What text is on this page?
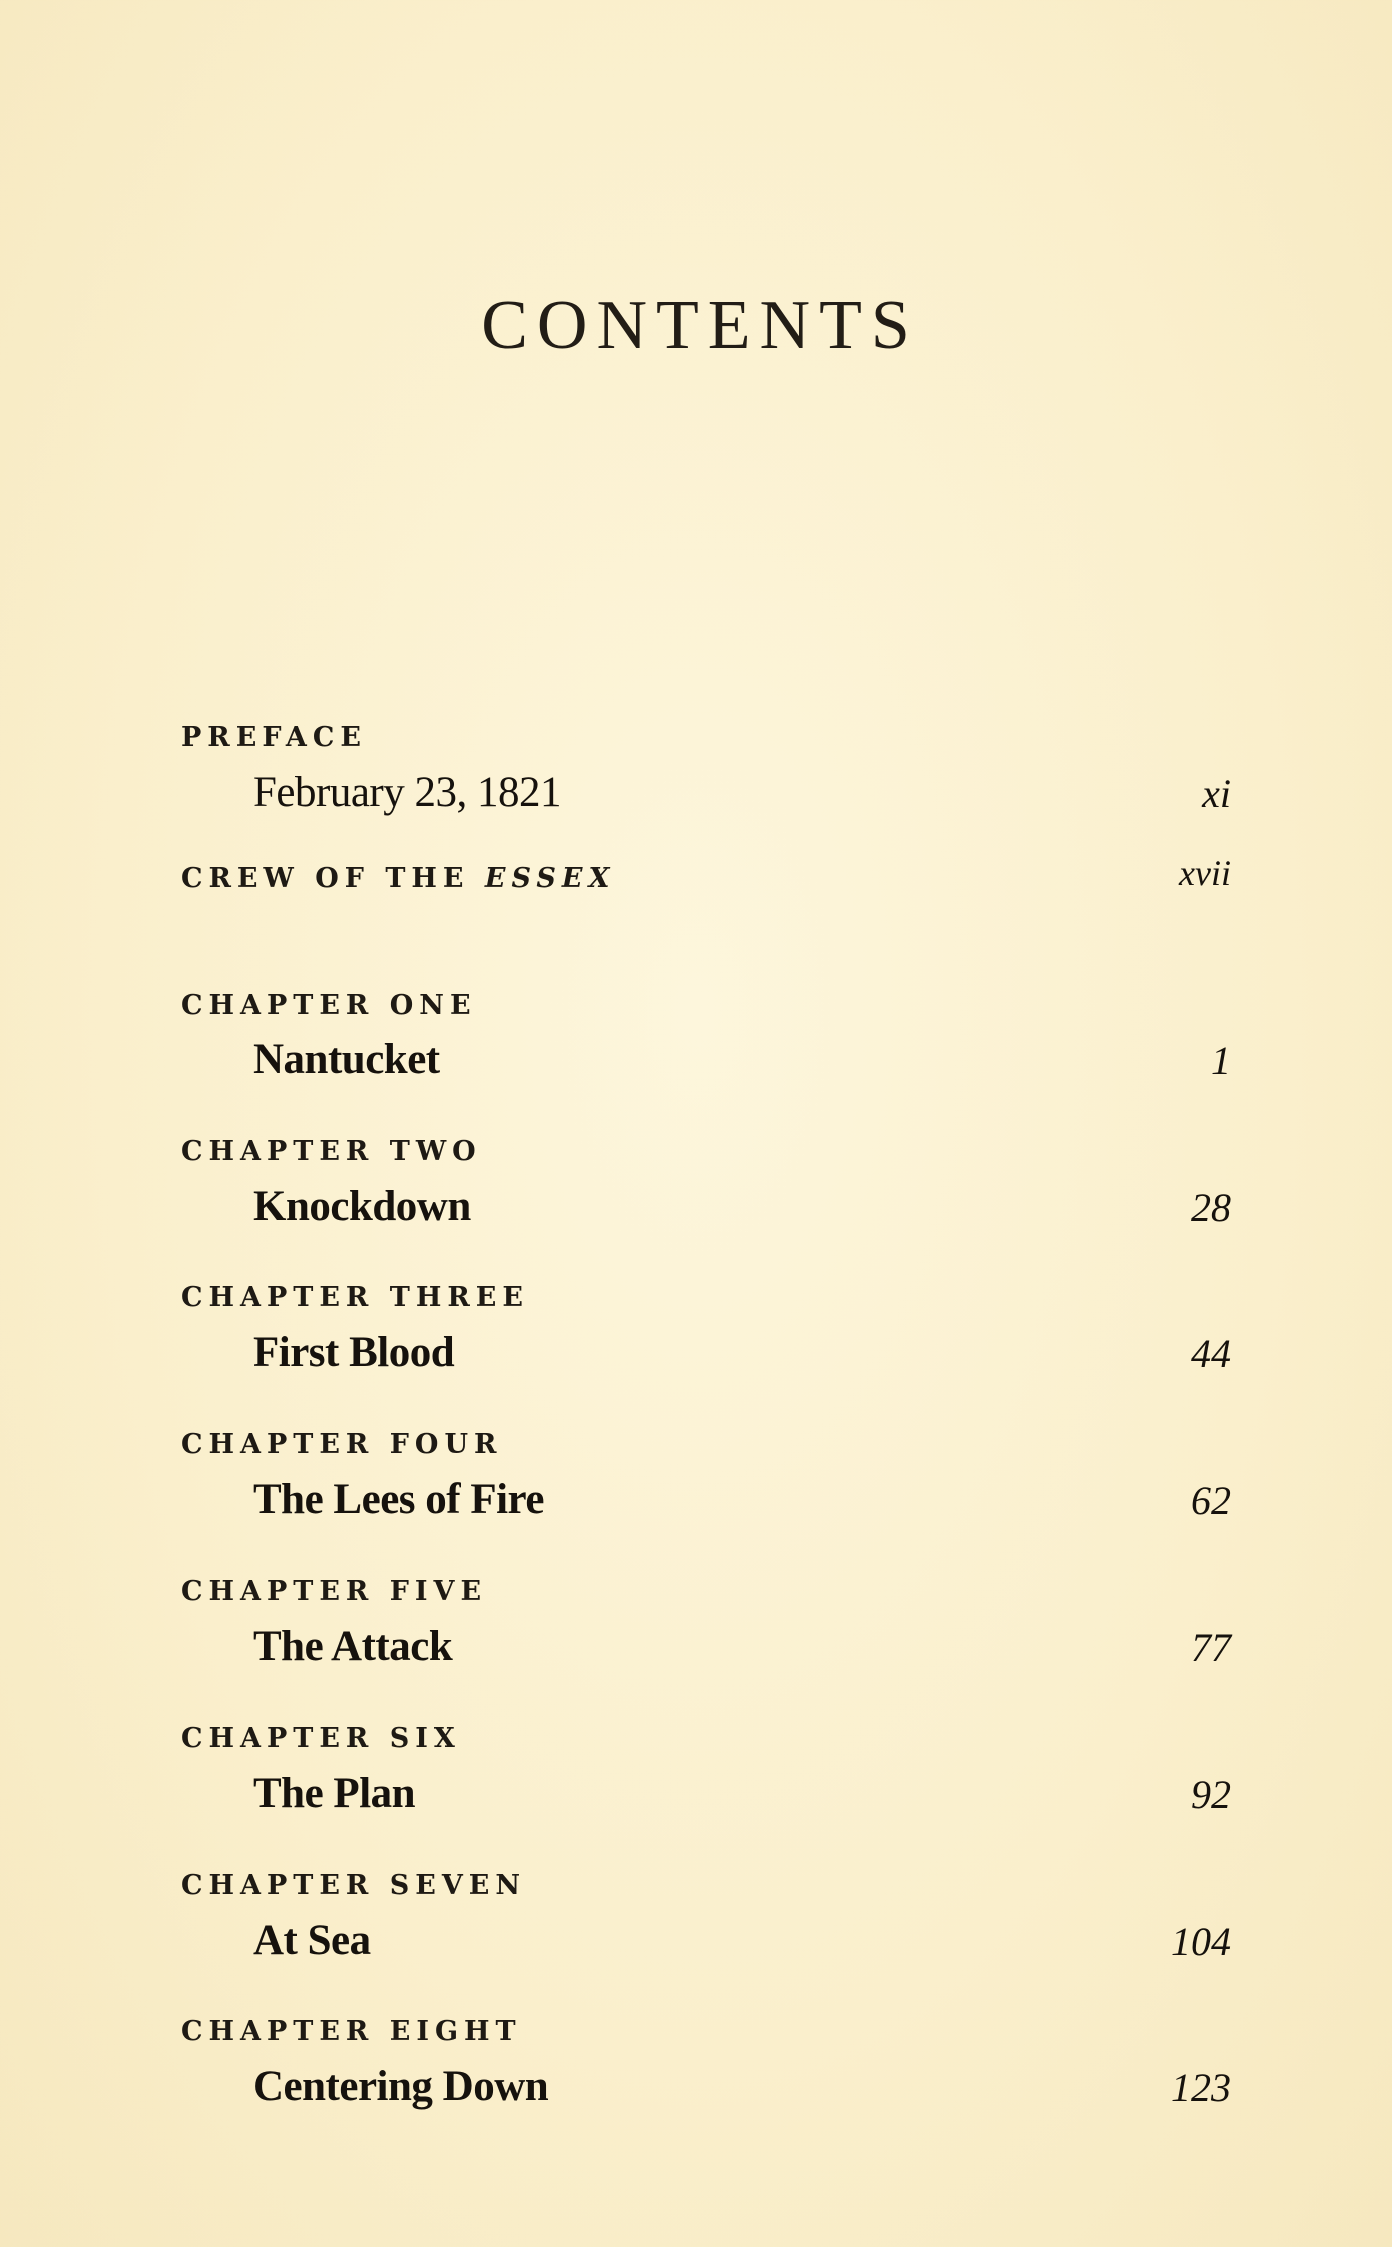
CONTENTS
PREFACE
February 23, 1821	xi
CREW OF THE ESSEX	xvii
CHAPTER ONE
Nantucket	1
CHAPTER TWO
Knockdown	28
CHAPTER THREE
First Blood	44
CHAPTER FOUR
The Lees of Fire	62
CHAPTER FIVE
The Attack	77
CHAPTER SIX
The Plan	92
CHAPTER SEVEN
At Sea	104
CHAPTER EIGHT
Centering Down	123
